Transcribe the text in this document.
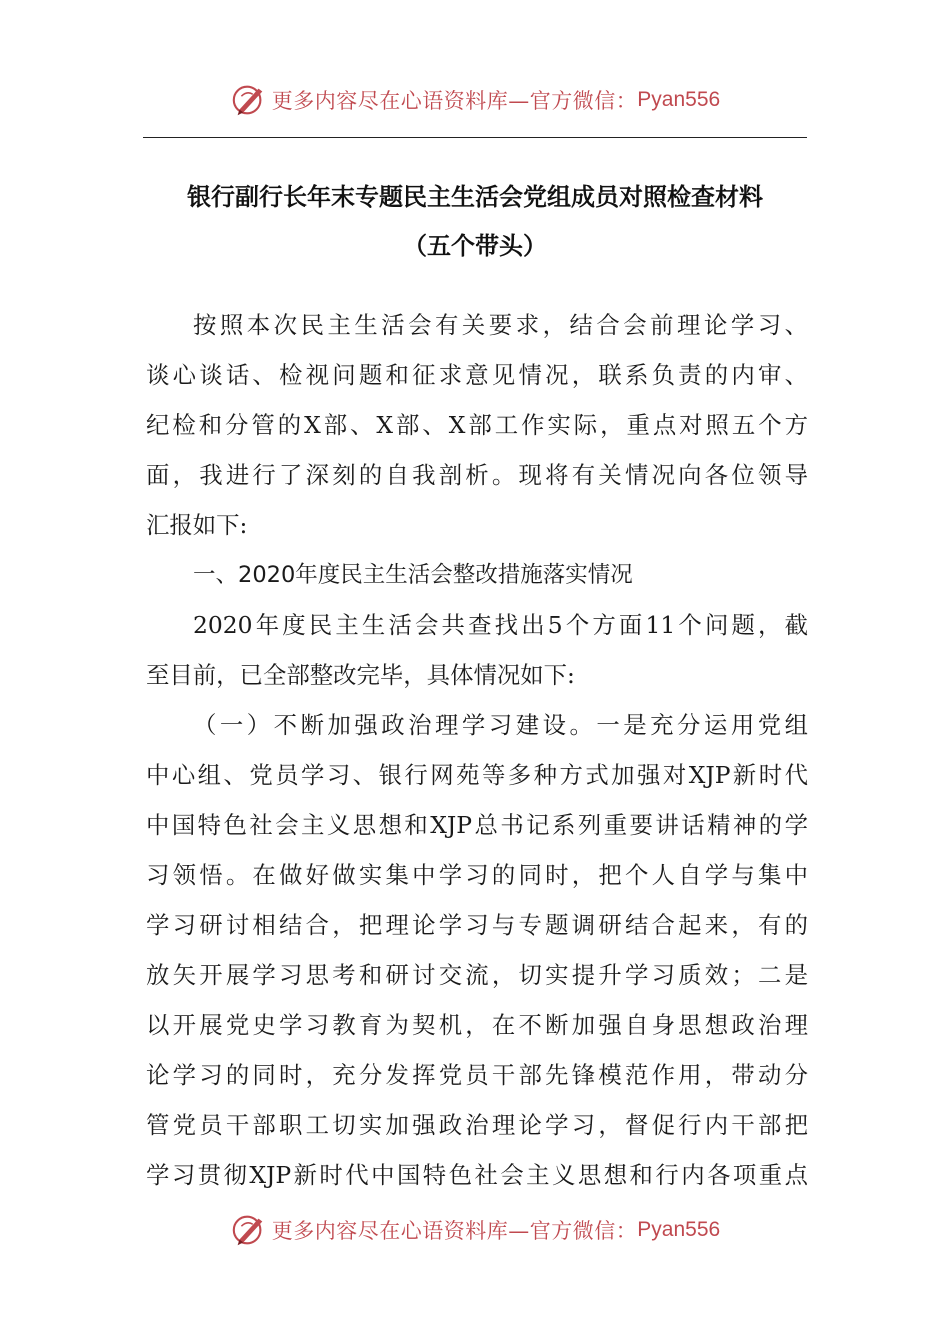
更多内容尽在心语资料库—官方微信： Pyan556
银行副行长年末专题民主生活会党组成员对照检查材料
（五个带头）
按照本次民主生活会有关要求，结合会前理论学习、
谈心谈话、检视问题和征求意见情况，联系负责的内审、
纪检和分管的X部、X部、X部工作实际，重点对照五个方
面，我进行了深刻的自我剖析。现将有关情况向各位领导
汇报如下:
一、2020年度民主生活会整改措施落实情况
2020年度民主生活会共查找出5个方面11个问题，截
至目前，已全部整改完毕，具体情况如下:
（一）不断加强政治理学习建设。一是充分运用党组
中心组、党员学习、银行网苑等多种方式加强对XJP新时代
中国特色社会主义思想和XJP总书记系列重要讲话精神的学
习领悟。在做好做实集中学习的同时，把个人自学与集中
学习研讨相结合，把理论学习与专题调研结合起来，有的
放矢开展学习思考和研讨交流，切实提升学习质效；二是
以开展党史学习教育为契机，在不断加强自身思想政治理
论学习的同时，充分发挥党员干部先锋模范作用，带动分
管党员干部职工切实加强政治理论学习，督促行内干部把
学习贯彻XJP新时代中国特色社会主义思想和行内各项重点
更多内容尽在心语资料库—官方微信： Pyan556
